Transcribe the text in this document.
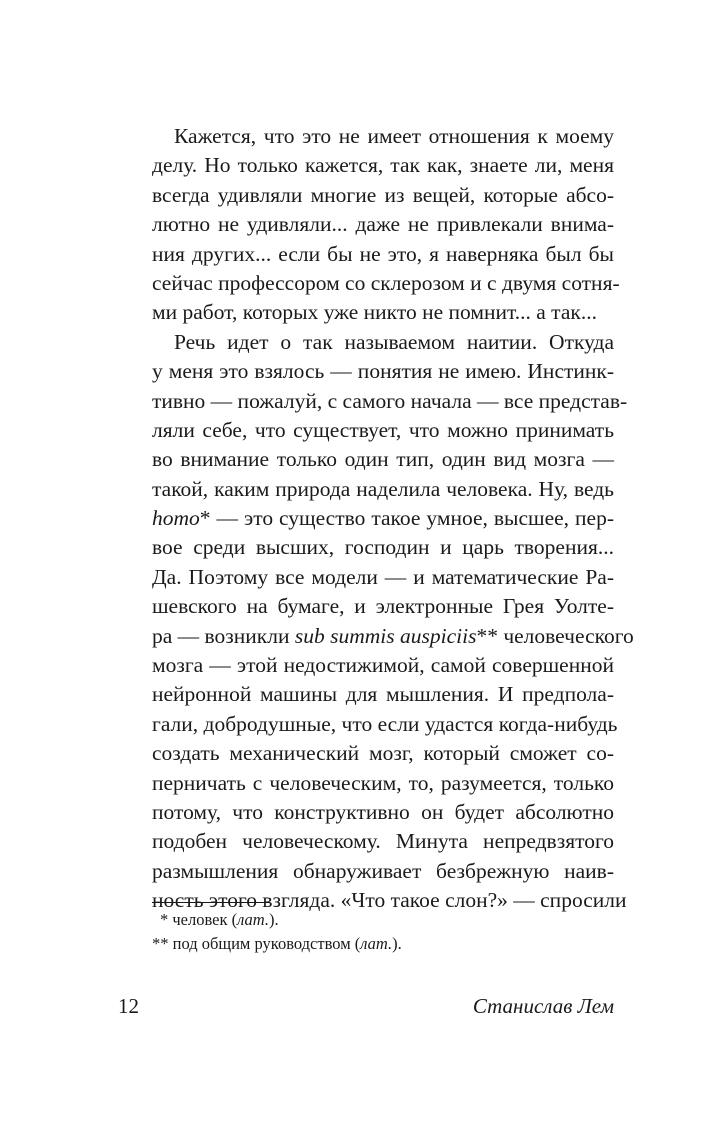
Кажется, что это не имеет отношения к моему
делу. Но только кажется, так как, знаете ли, меня
всегда удивляли многие из вещей, которые абсо-
лютно не удивляли... даже не привлекали внима-
ния других... если бы не это, я наверняка был бы
сейчас профессором со склерозом и с двумя сотня-
ми работ, которых уже никто не помнит... а так...
Речь идет о так называемом наитии. Откуда
у меня это взялось — понятия не имею. Инстинк-
тивно — пожалуй, с самого начала — все представ-
ляли себе, что существует, что можно принимать
во внимание только один тип, один вид мозга —
такой, каким природа наделила человека. Ну, ведь
homo* — это существо такое умное, высшее, пер-
вое среди высших, господин и царь творения...
Да. Поэтому все модели — и математические Ра-
шевского на бумаге, и электронные Грея Уолте-
ра — возникли sub summis auspiciis** человеческого
мозга — этой недостижимой, самой совершенной
нейронной машины для мышления. И предпола-
гали, добродушные, что если удастся когда-нибудь
создать механический мозг, который сможет со-
перничать с человеческим, то, разумеется, только
потому, что конструктивно он будет абсолютно
подобен человеческому. Минута непредвзятого
размышления обнаруживает безбрежную наив-
ность этого взгляда. «Что такое слон?» — спросили
* человек (лат.).
** под общим руководством (лат.).
12	Станислав Лем
